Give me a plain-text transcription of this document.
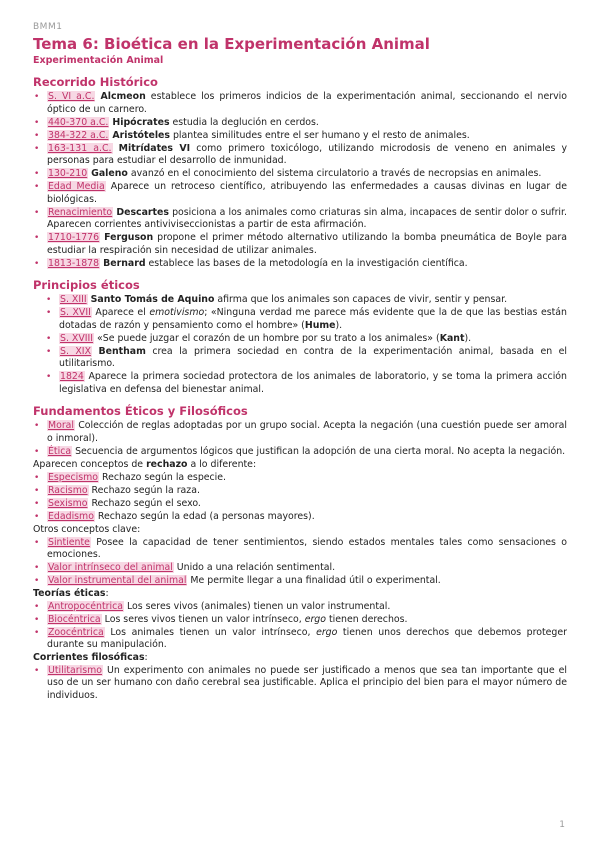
BMM1
Tema 6: Bioética en la Experimentación Animal
Experimentación Animal
Recorrido Histórico
• S. VI a.C. Alcmeon establece los primeros indicios de la experimentación animal, seccionando el nervio óptico de un carnero.
• 440-370 a.C. Hipócrates estudia la deglución en cerdos.
• 384-322 a.C. Aristóteles plantea similitudes entre el ser humano y el resto de animales.
• 163-131 a.C. Mitrídates VI como primero toxicólogo, utilizando microdosis de veneno en animales y personas para estudiar el desarrollo de inmunidad.
• 130-210 Galeno avanzó en el conocimiento del sistema circulatorio a través de necropsias en animales.
• Edad Media Aparece un retroceso científico, atribuyendo las enfermedades a causas divinas en lugar de biológicas.
• Renacimiento Descartes posiciona a los animales como criaturas sin alma, incapaces de sentir dolor o sufrir. Aparecen corrientes antiviviseccionistas a partir de esta afirmación.
• 1710-1776 Ferguson propone el primer método alternativo utilizando la bomba pneumática de Boyle para estudiar la respiración sin necesidad de utilizar animales.
• 1813-1878 Bernard establece las bases de la metodología en la investigación científica.
Principios éticos
• S. XIII Santo Tomás de Aquino afirma que los animales son capaces de vivir, sentir y pensar.
• S. XVII Aparece el emotivismo; «Ninguna verdad me parece más evidente que la de que las bestias están dotadas de razón y pensamiento como el hombre» (Hume).
• S. XVIII «Se puede juzgar el corazón de un hombre por su trato a los animales» (Kant).
• S. XIX Bentham crea la primera sociedad en contra de la experimentación animal, basada en el utilitarismo.
• 1824 Aparece la primera sociedad protectora de los animales de laboratorio, y se toma la primera acción legislativa en defensa del bienestar animal.
Fundamentos Éticos y Filosóficos
• Moral Colección de reglas adoptadas por un grupo social. Acepta la negación (una cuestión puede ser amoral o inmoral).
• Ética Secuencia de argumentos lógicos que justifican la adopción de una cierta moral. No acepta la negación.

Aparecen conceptos de rechazo a lo diferente:

• Especismo Rechazo según la especie.
• Racismo Rechazo según la raza.
• Sexismo Rechazo según el sexo.
• Edadismo Rechazo según la edad (a personas mayores).

Otros conceptos clave:

• Sintiente Posee la capacidad de tener sentimientos, siendo estados mentales tales como sensaciones o emociones.
• Valor intrínseco del animal Unido a una relación sentimental.
• Valor instrumental del animal Me permite llegar a una finalidad útil o experimental.

Teorías éticas:

• Antropocéntrica Los seres vivos (animales) tienen un valor instrumental.
• Biocéntrica Los seres vivos tienen un valor intrínseco, ergo tienen derechos.
• Zoocéntrica Los animales tienen un valor intrínseco, ergo tienen unos derechos que debemos proteger durante su manipulación.

Corrientes filosóficas:

• Utilitarismo Un experimento con animales no puede ser justificado a menos que sea tan importante que el uso de un ser humano con daño cerebral sea justificable. Aplica el principio del bien para el mayor número de individuos.
1
